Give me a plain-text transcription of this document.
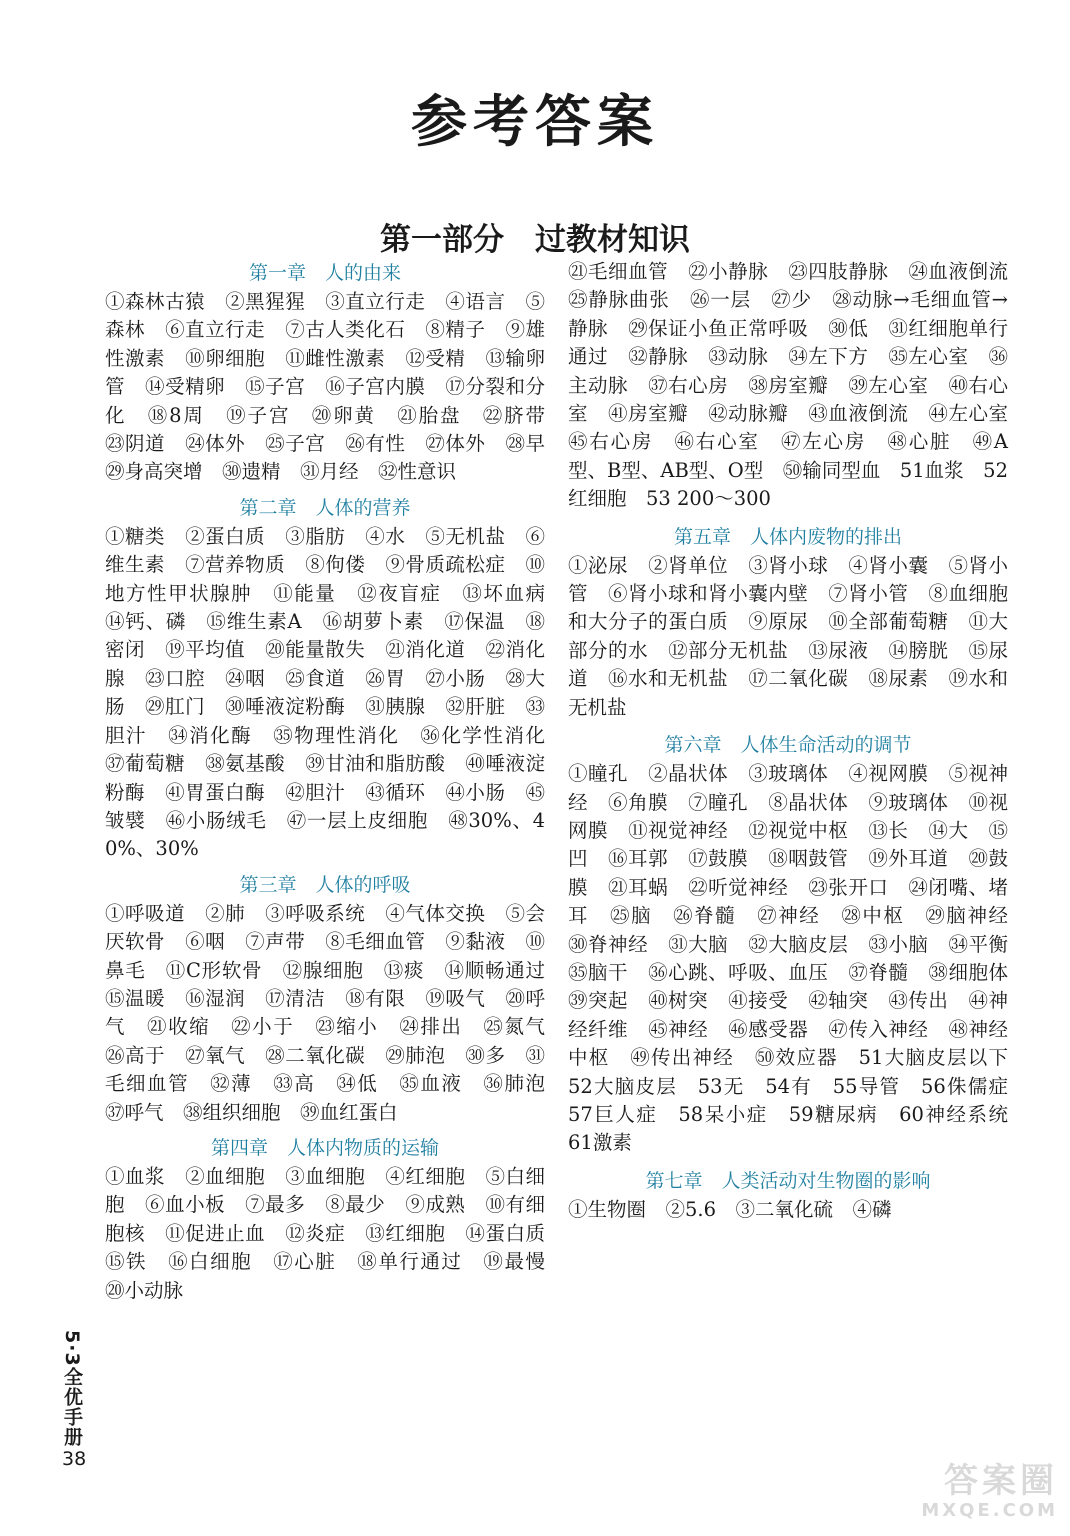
参考答案
第一部分　过教材知识
第一章　人的由来

①森林古猿　②黑猩猩　③直立行走　④语言　⑤森林　⑥直立行走　⑦古人类化石　⑧精子　⑨雄性激素　⑩卵细胞　⑪雌性激素　⑫受精　⑬输卵管　⑭受精卵　⑮子宫　⑯子宫内膜　⑰分裂和分化　⑱8周　⑲子宫　⑳卵黄　㉑胎盘　㉒脐带　㉓阴道　㉔体外　㉕子宫　㉖有性　㉗体外　㉘早　㉙身高突增　㉚遗精　㉛月经　㉜性意识

第二章　人体的营养

①糖类　②蛋白质　③脂肪　④水　⑤无机盐　⑥维生素　⑦营养物质　⑧佝偻　⑨骨质疏松症　⑩地方性甲状腺肿　⑪能量　⑫夜盲症　⑬坏血病　⑭钙、磷　⑮维生素A　⑯胡萝卜素　⑰保温　⑱密闭　⑲平均值　⑳能量散失　㉑消化道　㉒消化腺　㉓口腔　㉔咽　㉕食道　㉖胃　㉗小肠　㉘大肠　㉙肛门　㉚唾液淀粉酶　㉛胰腺　㉜肝脏　㉝胆汁　㉞消化酶　㉟物理性消化　㊱化学性消化　㊲葡萄糖　㊳氨基酸　㊴甘油和脂肪酸　㊵唾液淀粉酶　㊶胃蛋白酶　㊷胆汁　㊸循环　㊹小肠　㊺皱襞　㊻小肠绒毛　㊼一层上皮细胞　㊽30%、40%、30%

第三章　人体的呼吸

①呼吸道　②肺　③呼吸系统　④气体交换　⑤会厌软骨　⑥咽　⑦声带　⑧毛细血管　⑨黏液　⑩鼻毛　⑪C形软骨　⑫腺细胞　⑬痰　⑭顺畅通过　⑮温暖　⑯湿润　⑰清洁　⑱有限　⑲吸气　⑳呼气　㉑收缩　㉒小于　㉓缩小　㉔排出　㉕氮气　㉖高于　㉗氧气　㉘二氧化碳　㉙肺泡　㉚多　㉛毛细血管　㉜薄　㉝高　㉞低　㉟血液　㊱肺泡　㊲呼气　㊳组织细胞　㊴血红蛋白

第四章　人体内物质的运输

①血浆　②血细胞　③血细胞　④红细胞　⑤白细胞　⑥血小板　⑦最多　⑧最少　⑨成熟　⑩有细胞核　⑪促进止血　⑫炎症　⑬红细胞　⑭蛋白质　⑮铁　⑯白细胞　⑰心脏　⑱单行通过　⑲最慢　⑳小动脉

㉑毛细血管　㉒小静脉　㉓四肢静脉　㉔血液倒流　㉕静脉曲张　㉖一层　㉗少　㉘动脉→毛细血管→静脉　㉙保证小鱼正常呼吸　㉚低　㉛红细胞单行通过　㉜静脉　㉝动脉　㉞左下方　㉟左心室　㊱主动脉　㊲右心房　㊳房室瓣　㊴左心室　㊵右心室　㊶房室瓣　㊷动脉瓣　㊸血液倒流　㊹左心室　㊺右心房　㊻右心室　㊼左心房　㊽心脏　㊾A型、B型、AB型、O型　㊿输同型血　51血浆　52红细胞　53 200～300

第五章　人体内废物的排出

①泌尿　②肾单位　③肾小球　④肾小囊　⑤肾小管　⑥肾小球和肾小囊内壁　⑦肾小管　⑧血细胞和大分子的蛋白质　⑨原尿　⑩全部葡萄糖　⑪大部分的水　⑫部分无机盐　⑬尿液　⑭膀胱　⑮尿道　⑯水和无机盐　⑰二氧化碳　⑱尿素　⑲水和无机盐

第六章　人体生命活动的调节

①瞳孔　②晶状体　③玻璃体　④视网膜　⑤视神经　⑥角膜　⑦瞳孔　⑧晶状体　⑨玻璃体　⑩视网膜　⑪视觉神经　⑫视觉中枢　⑬长　⑭大　⑮凹　⑯耳郭　⑰鼓膜　⑱咽鼓管　⑲外耳道　⑳鼓膜　㉑耳蜗　㉒听觉神经　㉓张开口　㉔闭嘴、堵耳　㉕脑　㉖脊髓　㉗神经　㉘中枢　㉙脑神经　㉚脊神经　㉛大脑　㉜大脑皮层　㉝小脑　㉞平衡　㉟脑干　㊱心跳、呼吸、血压　㊲脊髓　㊳细胞体　㊴突起　㊵树突　㊶接受　㊷轴突　㊸传出　㊹神经纤维　㊺神经　㊻感受器　㊼传入神经　㊽神经中枢　㊾传出神经　㊿效应器　51大脑皮层以下　52大脑皮层　53无　54有　55导管　56侏儒症　57巨人症　58呆小症　59糖尿病　60神经系统　61激素

第七章　人类活动对生物圈的影响

①生物圈　②5.6　③二氧化硫　④磷

5·3全优手册
38
答案圈
MXQE.COM
